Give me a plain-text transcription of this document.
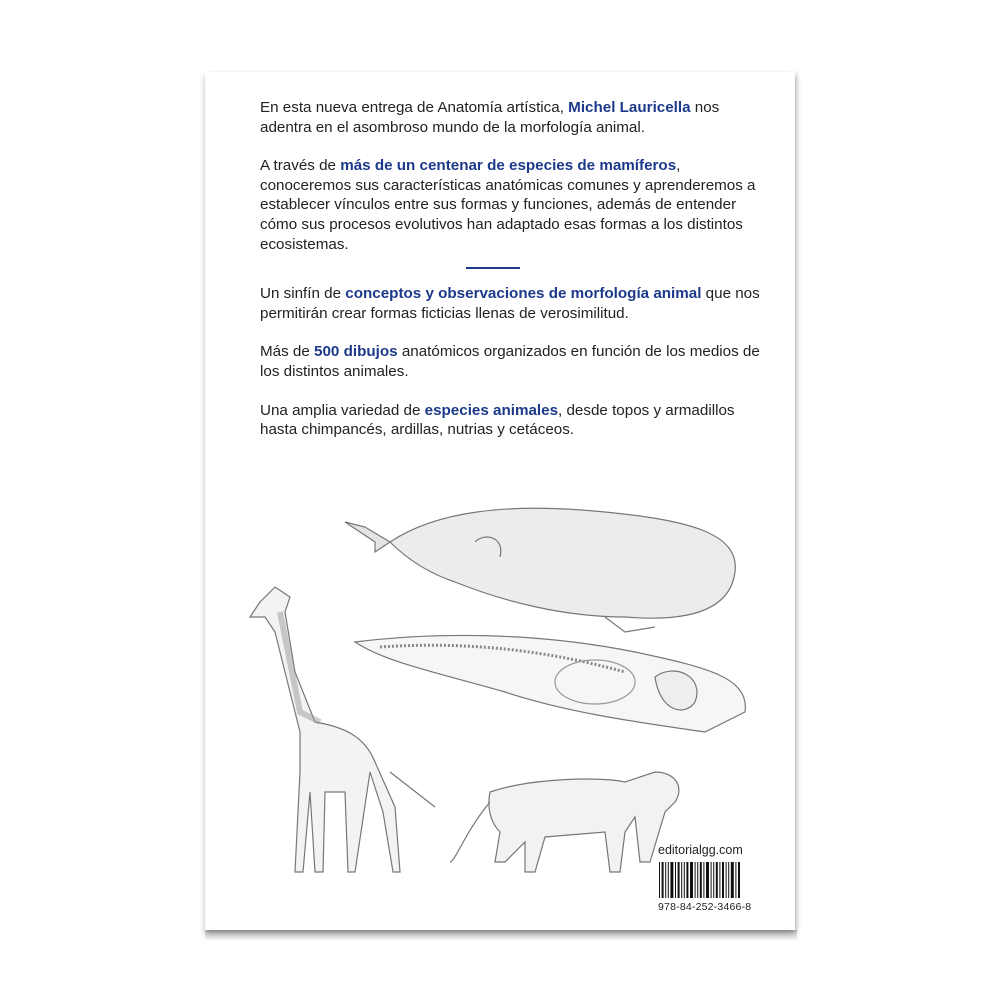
En esta nueva entrega de Anatomía artística, Michel Lauricella nos adentra en el asombroso mundo de la morfología animal.

A través de más de un centenar de especies de mamíferos, conoceremos sus características anatómicas comunes y aprenderemos a establecer vínculos entre sus formas y funciones, además de entender cómo sus procesos evolutivos han adaptado esas formas a los distintos ecosistemas.

Un sinfín de conceptos y observaciones de morfología animal que nos permitirán crear formas ficticias llenas de verosimilitud.

Más de 500 dibujos anatómicos organizados en función de los medios de los distintos animales.

Una amplia variedad de especies animales, desde topos y armadillos hasta chimpancés, ardillas, nutrias y cetáceos.

editorialgg.com
978-84-252-3466-8
